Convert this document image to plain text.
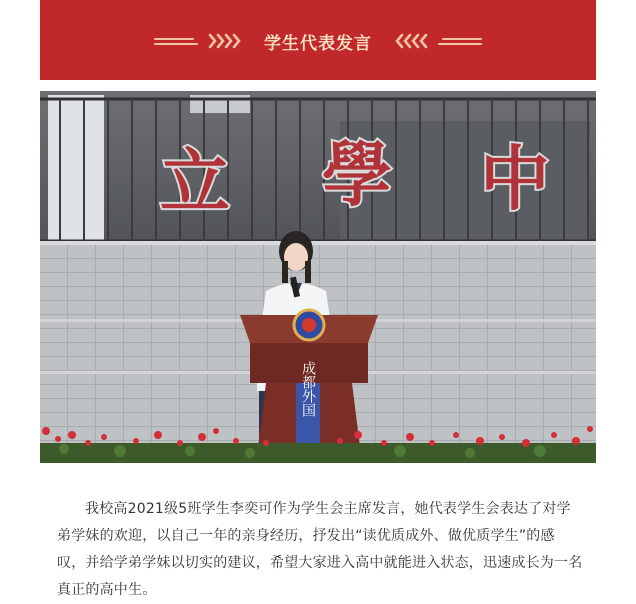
学生代表发言
立 學 中
成都外国

我校高2021级5班学生李奕可作为学生会主席发言，她代表学生会表达了对学弟学妹的欢迎，以自己一年的亲身经历，抒发出“读优质成外、做优质学生”的感叹，并给学弟学妹以切实的建议，希望大家进入高中就能进入状态，迅速成长为一名真正的高中生。
